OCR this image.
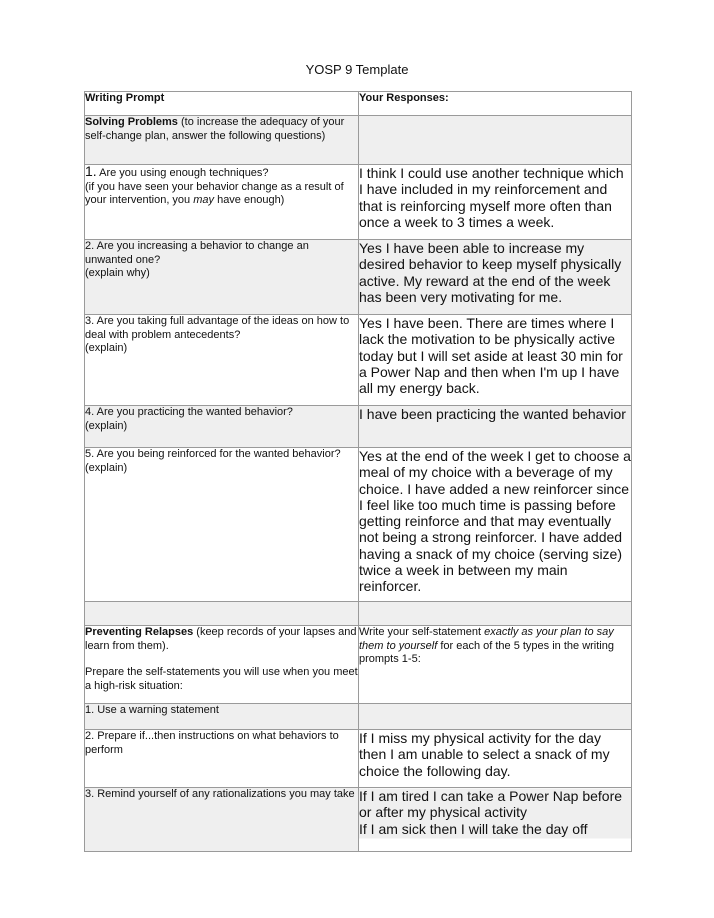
YOSP 9 Template
Writing Prompt	Your Responses:
Solving Problems (to increase the adequacy of your self-change plan, answer the following questions)	
1. Are you using enough techniques?
(if you have seen your behavior change as a result of your intervention, you may have enough)	I think I could use another technique which I have included in my reinforcement and that is reinforcing myself more often than once a week to 3 times a week.

2. Are you increasing a behavior to change an unwanted one?
(explain why)	Yes I have been able to increase my desired behavior to keep myself physically active. My reward at the end of the week has been very motivating for me.

3. Are you taking full advantage of the ideas on how to deal with problem antecedents?
(explain)	Yes I have been. There are times where I lack the motivation to be physically active today but I will set aside at least 30 min for a Power Nap and then when I'm up I have all my energy back.

4. Are you practicing the wanted behavior?
(explain)	I have been practicing the wanted behavior

5. Are you being reinforced for the wanted behavior?
(explain)	Yes at the end of the week I get to choose a meal of my choice with a beverage of my choice. I have added a new reinforcer since I feel like too much time is passing before getting reinforce and that may eventually not being a strong reinforcer. I have added having a snack of my choice (serving size) twice a week in between my main reinforcer.

Preventing Relapses (keep records of your lapses and learn from them).
Prepare the self-statements you will use when you meet a high-risk situation:	Write your self-statement exactly as your plan to say them to yourself for each of the 5 types in the writing prompts 1-5:
1. Use a warning statement	
2. Prepare if...then instructions on what behaviors to perform	If I miss my physical activity for the day then I am unable to select a snack of my choice the following day.
3. Remind yourself of any rationalizations you may take	If I am tired I can take a Power Nap before or after my physical activity
If I am sick then I will take the day off
